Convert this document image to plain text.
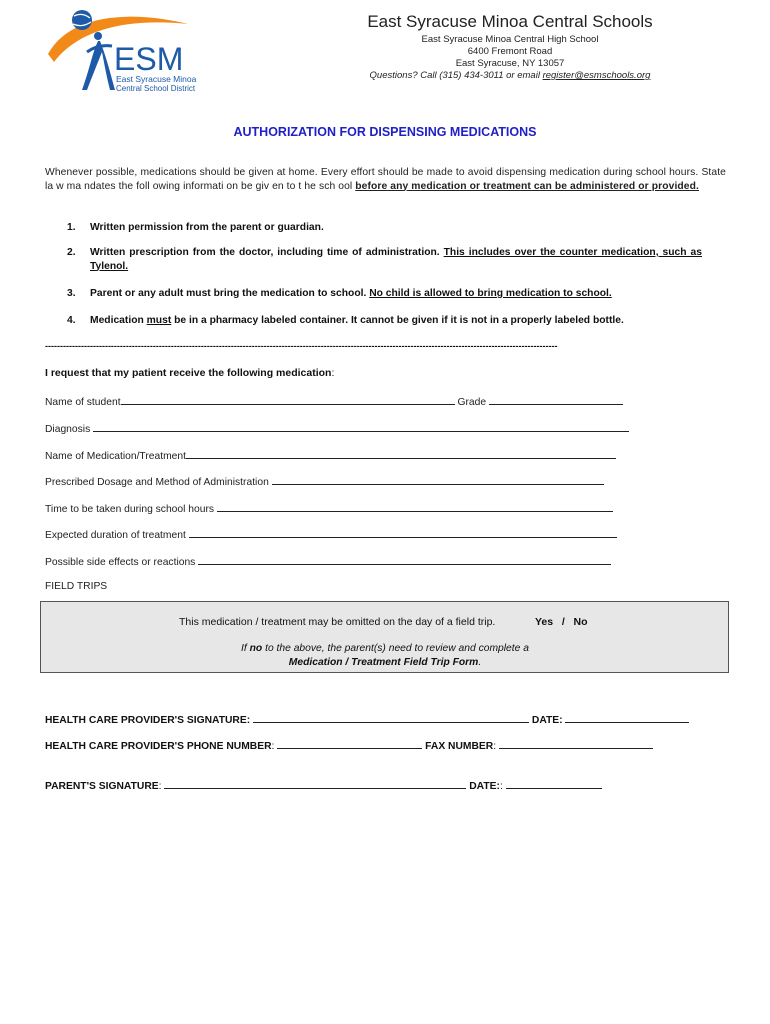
ESM
East Syracuse Minoa
Central School District
East Syracuse Minoa Central Schools
East Syracuse Minoa Central High School
6400 Fremont Road
East Syracuse, NY 13057
Questions? Call (315) 434-3011 or email register@esmschools.org
AUTHORIZATION FOR DISPENSING MEDICATIONS
Whenever possible, medications should be given at home. Every effort should be made to avoid dispensing medication during school hours. State la w ma ndates the foll owing informati on be giv en to t he sch ool before any medication or treatment can be administered or provided.
1. Written permission from the parent or guardian.
2. Written prescription from the doctor, including time of administration. This includes over the counter medication, such as Tylenol.
3. Parent or any adult must bring the medication to school. No child is allowed to bring medication to school.
4. Medication must be in a pharmacy labeled container. It cannot be given if it is not in a properly labeled bottle.
---------------------------------------------------------------------------------------------------------------------------------------------------------------------------
I request that my patient receive the following medication:
Name of student	Grade
Diagnosis
Name of Medication/Treatment
Prescribed Dosage and Method of Administration
Time to be taken during school hours
Expected duration of treatment
Possible side effects or reactions
FIELD TRIPS
This medication / treatment may be omitted on the day of a field trip.	Yes   /   No
If no to the above, the parent(s) need to review and complete a
Medication / Treatment Field Trip Form.
HEALTH CARE PROVIDER'S SIGNATURE:	DATE:
HEALTH CARE PROVIDER'S PHONE NUMBER:	FAX NUMBER:
PARENT'S SIGNATURE:	DATE::
